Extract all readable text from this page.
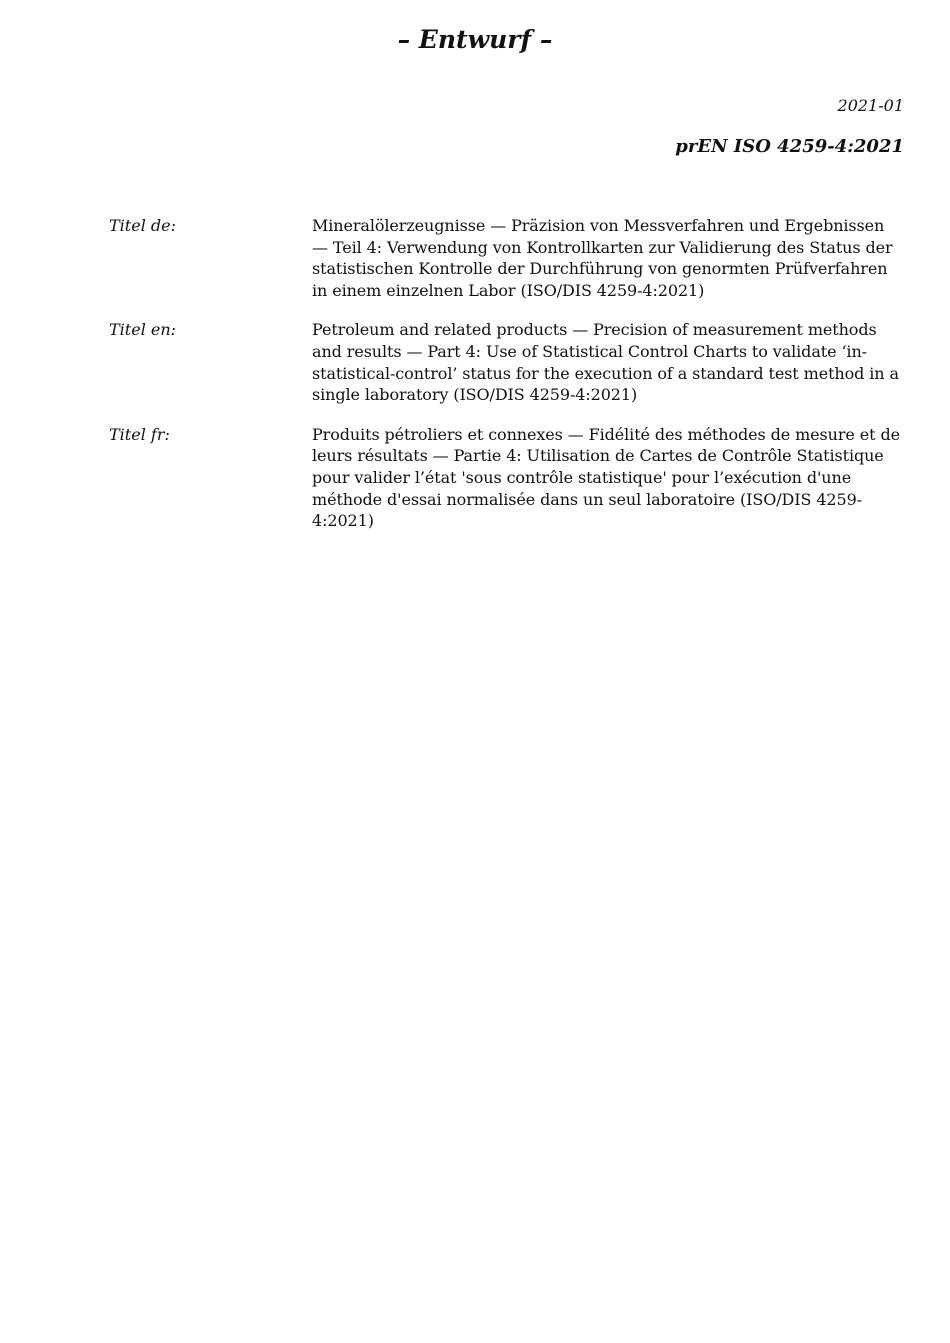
– Entwurf –
2021-01
prEN ISO 4259-4:2021
Titel de:	Mineralölerzeugnisse — Präzision von Messverfahren und Ergebnissen — Teil 4: Verwendung von Kontrollkarten zur Validierung des Status der statistischen Kontrolle der Durchführung von genormten Prüfverfahren in einem einzelnen Labor (ISO/DIS 4259-4:2021)
Titel en:	Petroleum and related products — Precision of measurement methods and results — Part 4: Use of Statistical Control Charts to validate ‘in-statistical-control’ status for the execution of a standard test method in a single laboratory (ISO/DIS 4259-4:2021)
Titel fr:	Produits pétroliers et connexes — Fidélité des méthodes de mesure et de leurs résultats — Partie 4: Utilisation de Cartes de Contrôle Statistique pour valider l’état 'sous contrôle statistique' pour l’exécution d'une méthode d'essai normalisée dans un seul laboratoire (ISO/DIS 4259-4:2021)
